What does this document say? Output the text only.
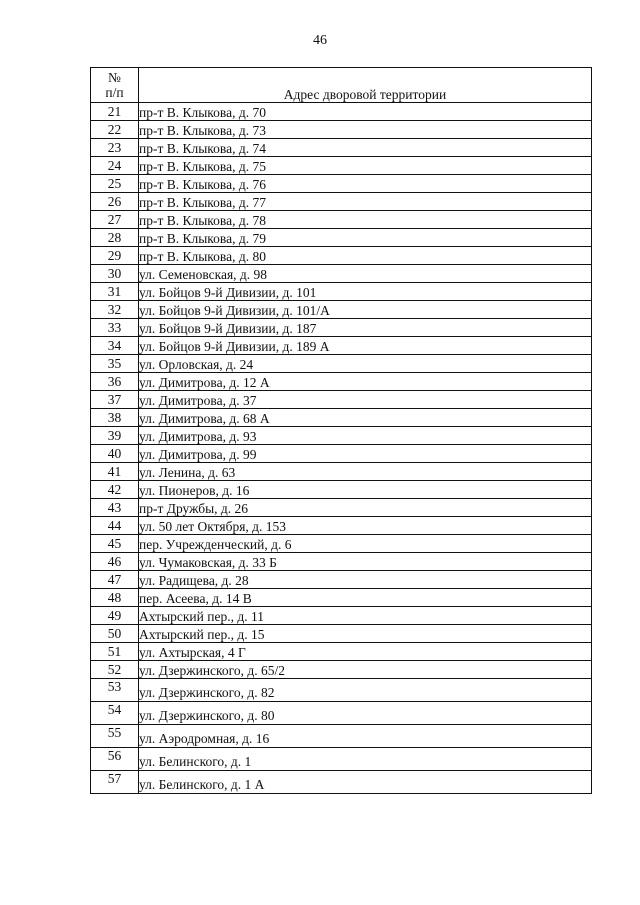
46
№
п/п	Адрес дворовой территории
21	пр-т В. Клыкова, д. 70
22	пр-т В. Клыкова, д. 73
23	пр-т В. Клыкова, д. 74
24	пр-т В. Клыкова, д. 75
25	пр-т В. Клыкова, д. 76
26	пр-т В. Клыкова, д. 77
27	пр-т В. Клыкова, д. 78
28	пр-т В. Клыкова, д. 79
29	пр-т В. Клыкова, д. 80
30	ул. Семеновская, д. 98
31	ул. Бойцов 9-й Дивизии, д. 101
32	ул. Бойцов 9-й Дивизии, д. 101/А
33	ул. Бойцов 9-й Дивизии, д. 187
34	ул. Бойцов 9-й Дивизии, д. 189 А
35	ул. Орловская, д. 24
36	ул. Димитрова, д. 12 А
37	ул. Димитрова, д. 37
38	ул. Димитрова, д. 68 А
39	ул. Димитрова, д. 93
40	ул. Димитрова, д. 99
41	ул. Ленина, д. 63
42	ул. Пионеров, д. 16
43	пр-т Дружбы, д. 26
44	ул. 50 лет Октября, д. 153
45	пер. Учрежденческий, д. 6
46	ул. Чумаковская, д. 33 Б
47	ул. Радищева, д. 28
48	пер. Асеева, д. 14 В
49	Ахтырский пер., д. 11
50	Ахтырский пер., д. 15
51	ул. Ахтырская, 4 Г
52	ул. Дзержинского, д. 65/2
53	ул. Дзержинского, д. 82
54	ул. Дзержинского, д. 80
55	ул. Аэродромная, д. 16
56	ул. Белинского, д. 1
57	ул. Белинского, д. 1 А
